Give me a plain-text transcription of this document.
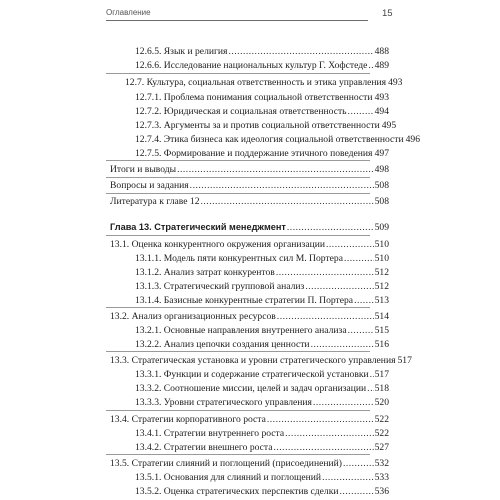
Оглавление	15
12.6.5. Язык и религия .....	488
12.6.6. Исследование национальных культур Г. Хофстеде ..... 489
12.7. Культура, социальная ответственность и этика управления 493
12.7.1. Проблема понимания социальной ответственности ..... 493
12.7.2. Юридическая и социальная ответственность .....	494
12.7.3. Аргументы за и против социальной ответственности 495
12.7.4. Этика бизнеса как идеология социальной ответственности 496
12.7.5. Формирование и поддержание этичного поведения ..... 497
Итоги и выводы .....	498
Вопросы и задания .....	508
Литература к главе 12 .....	508
Глава 13. Стратегический менеджмент .....	509
13.1. Оценка конкурентного окружения организации .....	510
13.1.1. Модель пяти конкурентных сил М. Портера .....	510
13.1.2. Анализ затрат конкурентов .....	512
13.1.3. Стратегический групповой анализ .....	512
13.1.4. Базисные конкурентные стратегии П. Портера ..... 513
13.2. Анализ организационных ресурсов .....	514
13.2.1. Основные направления внутреннего анализа .....	515
13.2.2. Анализ цепочки создания ценности .....	516
13.3. Стратегическая установка и уровни стратегического управления 517
13.3.1. Функции и содержание стратегической установки ..... 517
13.3.2. Соотношение миссии, целей и задач организации ..... 518
13.3.3. Уровни стратегического управления .....	520
13.4. Стратегии корпоративного роста .....	522
13.4.1. Стратегии внутреннего роста .....	522
13.4.2. Стратегии внешнего роста .....	527
13.5. Стратегии слияний и поглощений (присоединений) .....	532
13.5.1. Основания для слияний и поглощений .....	533
13.5.2. Оценка стратегических перспектив сделки .....	536
